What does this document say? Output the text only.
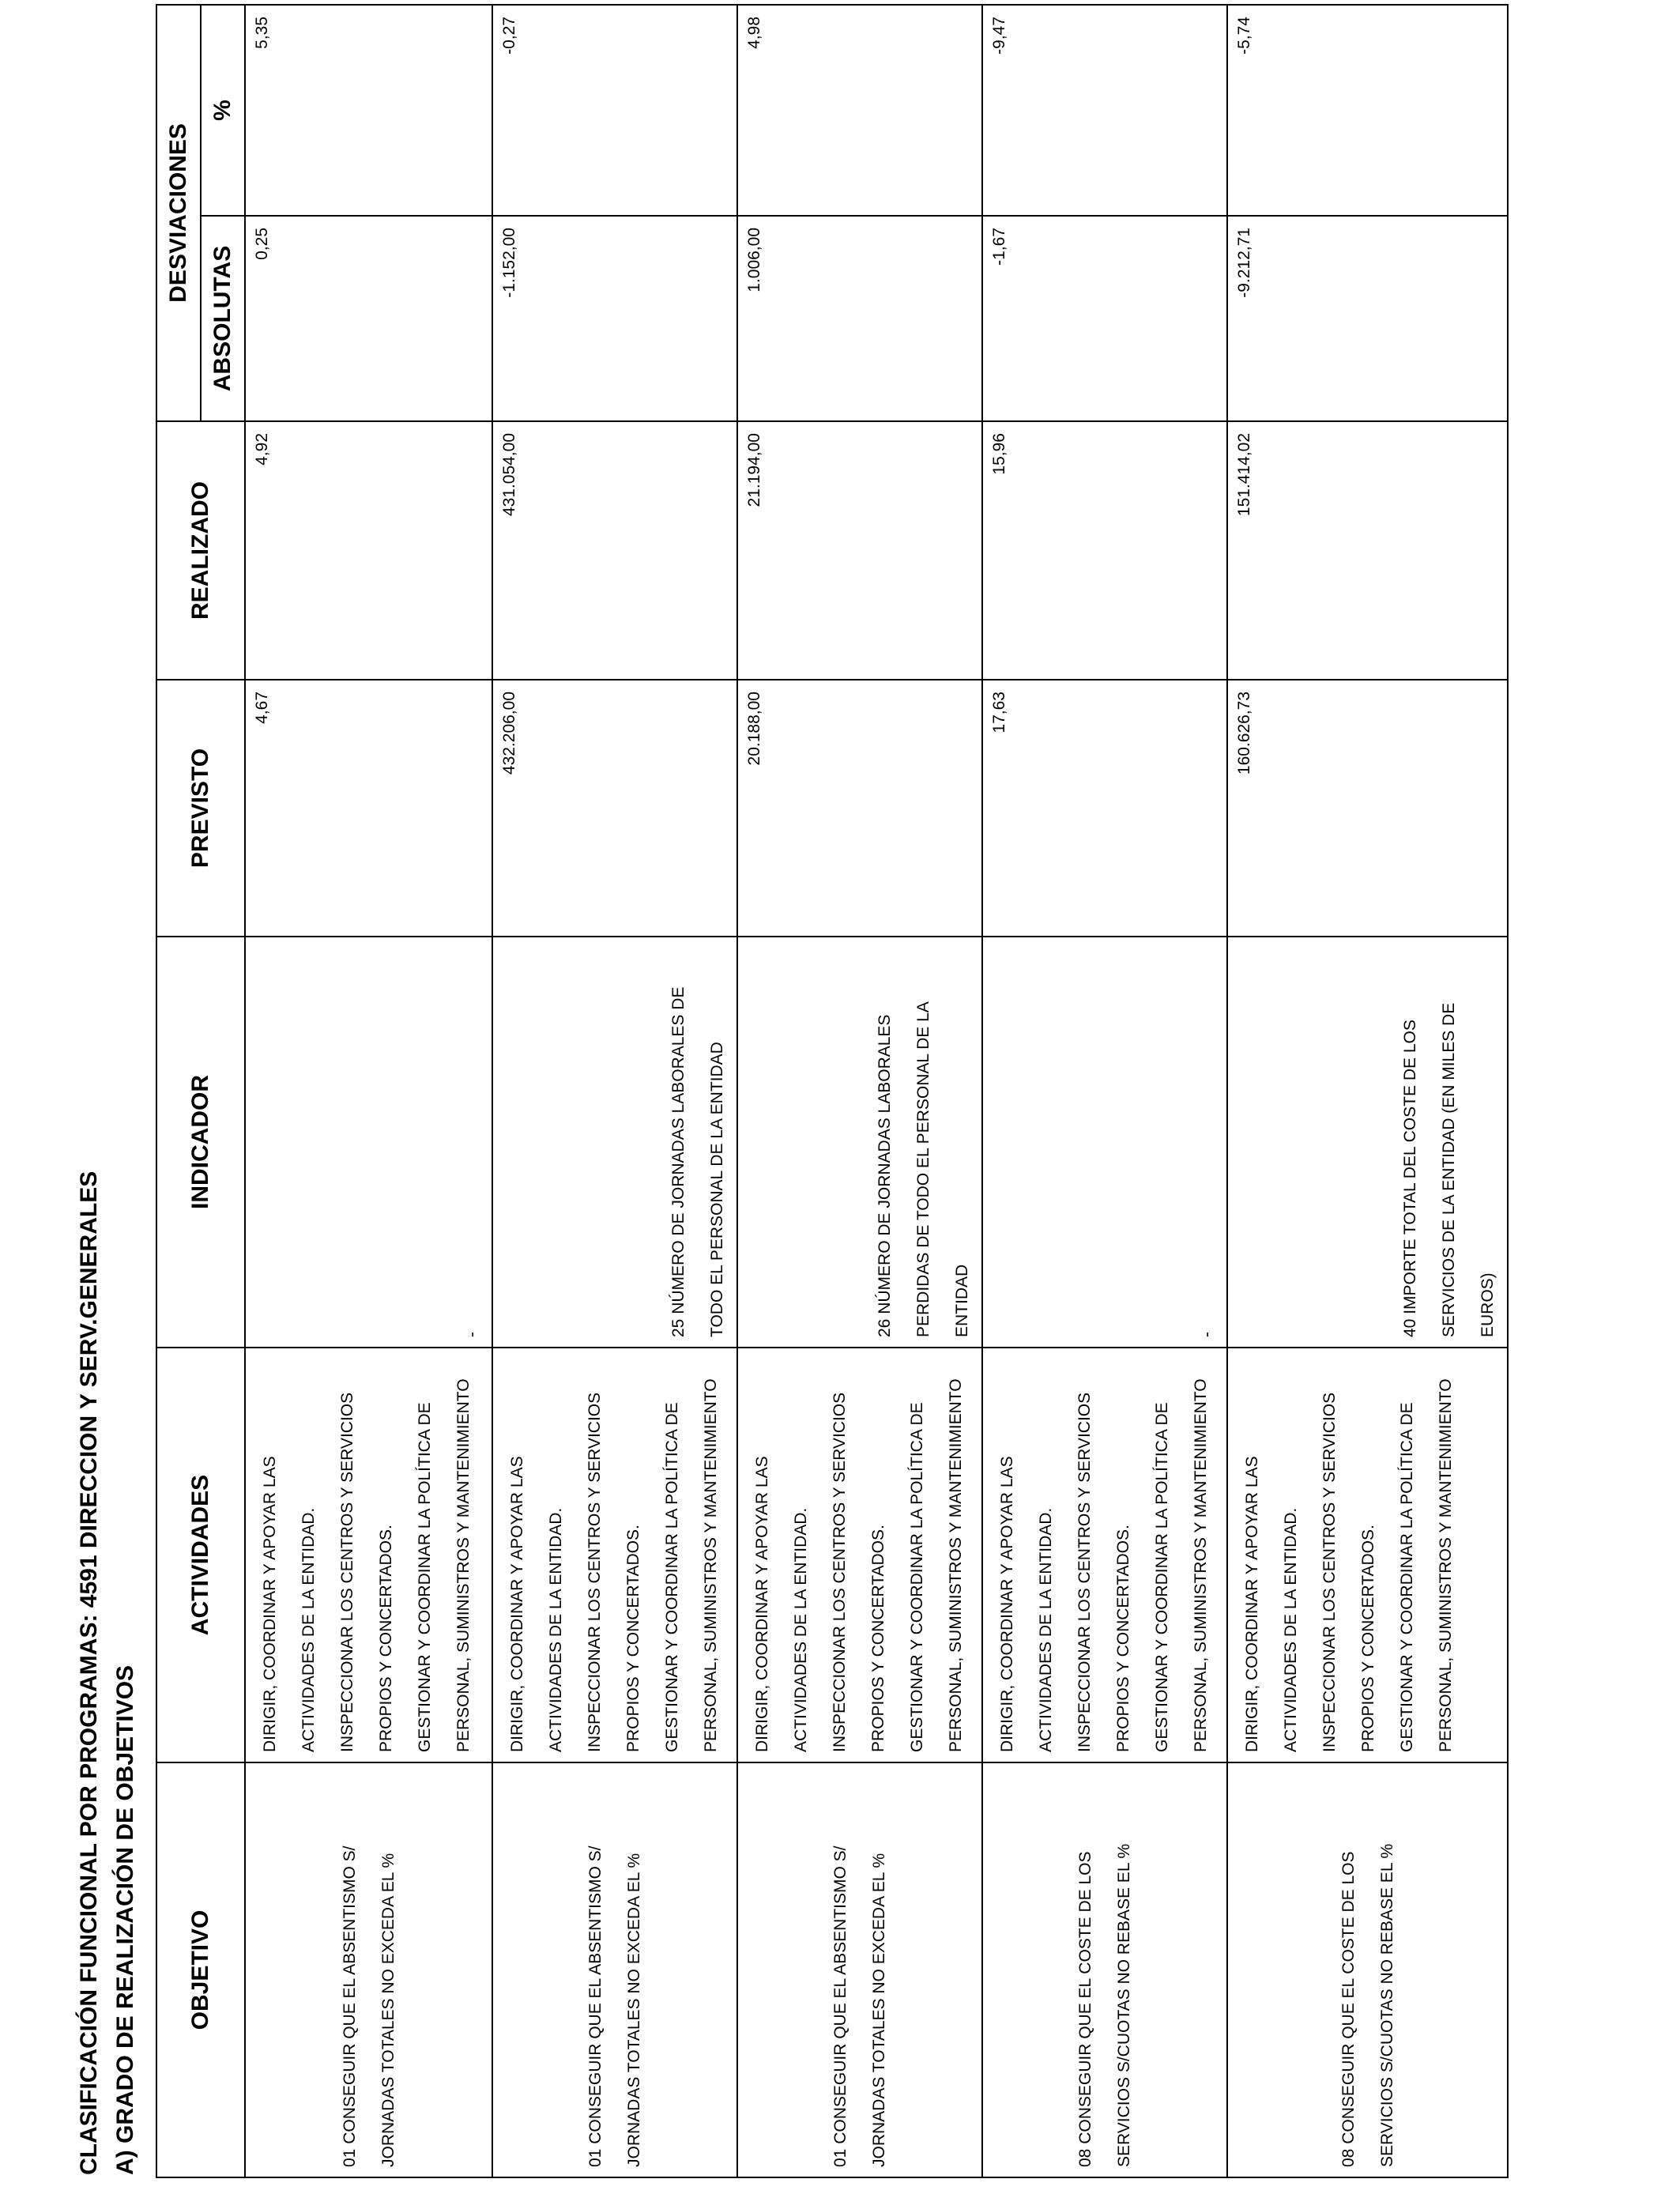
CLASIFICACIÓN FUNCIONAL POR PROGRAMAS: 4591 DIRECCION Y SERV.GENERALES A) GRADO DE REALIZACIÓN DE OBJETIVOS OBJETIVO	ACTIVIDADES	INDICADOR	PREVISTO	REALIZADO	DESVIACIONES	
					ABSOLUTAS	%
01 CONSEGUIR QUE EL ABSENTISMO S/ JORNADAS TOTALES NO EXCEDA EL %	DIRIGIR, COORDINAR Y APOYAR LAS ACTIVIDADES DE LA ENTIDAD. INSPECCIONAR LOS CENTROS Y SERVICIOS PROPIOS Y CONCERTADOS. GESTIONAR Y COORDINAR LA POLÍTICA DE PERSONAL, SUMINISTROS Y MANTENIMIENTO	-	4,67	4,92	0,25	5,35
01 CONSEGUIR QUE EL ABSENTISMO S/ JORNADAS TOTALES NO EXCEDA EL %	DIRIGIR, COORDINAR Y APOYAR LAS ACTIVIDADES DE LA ENTIDAD. INSPECCIONAR LOS CENTROS Y SERVICIOS PROPIOS Y CONCERTADOS. GESTIONAR Y COORDINAR LA POLÍTICA DE PERSONAL, SUMINISTROS Y MANTENIMIENTO	25 NÚMERO DE JORNADAS LABORALES DE TODO EL PERSONAL DE LA ENTIDAD	432.206,00	431.054,00	-1.152,00	-0,27
01 CONSEGUIR QUE EL ABSENTISMO S/ JORNADAS TOTALES NO EXCEDA EL %	DIRIGIR, COORDINAR Y APOYAR LAS ACTIVIDADES DE LA ENTIDAD. INSPECCIONAR LOS CENTROS Y SERVICIOS PROPIOS Y CONCERTADOS. GESTIONAR Y COORDINAR LA POLÍTICA DE PERSONAL, SUMINISTROS Y MANTENIMIENTO	26 NÚMERO DE JORNADAS LABORALES PERDIDAS DE TODO EL PERSONAL DE LA ENTIDAD	20.188,00	21.194,00	1.006,00	4,98
08 CONSEGUIR QUE EL COSTE DE LOS SERVICIOS S/CUOTAS NO REBASE EL %	DIRIGIR, COORDINAR Y APOYAR LAS ACTIVIDADES DE LA ENTIDAD. INSPECCIONAR LOS CENTROS Y SERVICIOS PROPIOS Y CONCERTADOS. GESTIONAR Y COORDINAR LA POLÍTICA DE PERSONAL, SUMINISTROS Y MANTENIMIENTO	-	17,63	15,96	-1,67	-9,47
08 CONSEGUIR QUE EL COSTE DE LOS SERVICIOS S/CUOTAS NO REBASE EL %	DIRIGIR, COORDINAR Y APOYAR LAS ACTIVIDADES DE LA ENTIDAD. INSPECCIONAR LOS CENTROS Y SERVICIOS PROPIOS Y CONCERTADOS. GESTIONAR Y COORDINAR LA POLÍTICA DE PERSONAL, SUMINISTROS Y MANTENIMIENTO	40 IMPORTE TOTAL DEL COSTE DE LOS SERVICIOS DE LA ENTIDAD (EN MILES DE EUROS)	160.626,73	151.414,02	-9.212,71	-5,74
